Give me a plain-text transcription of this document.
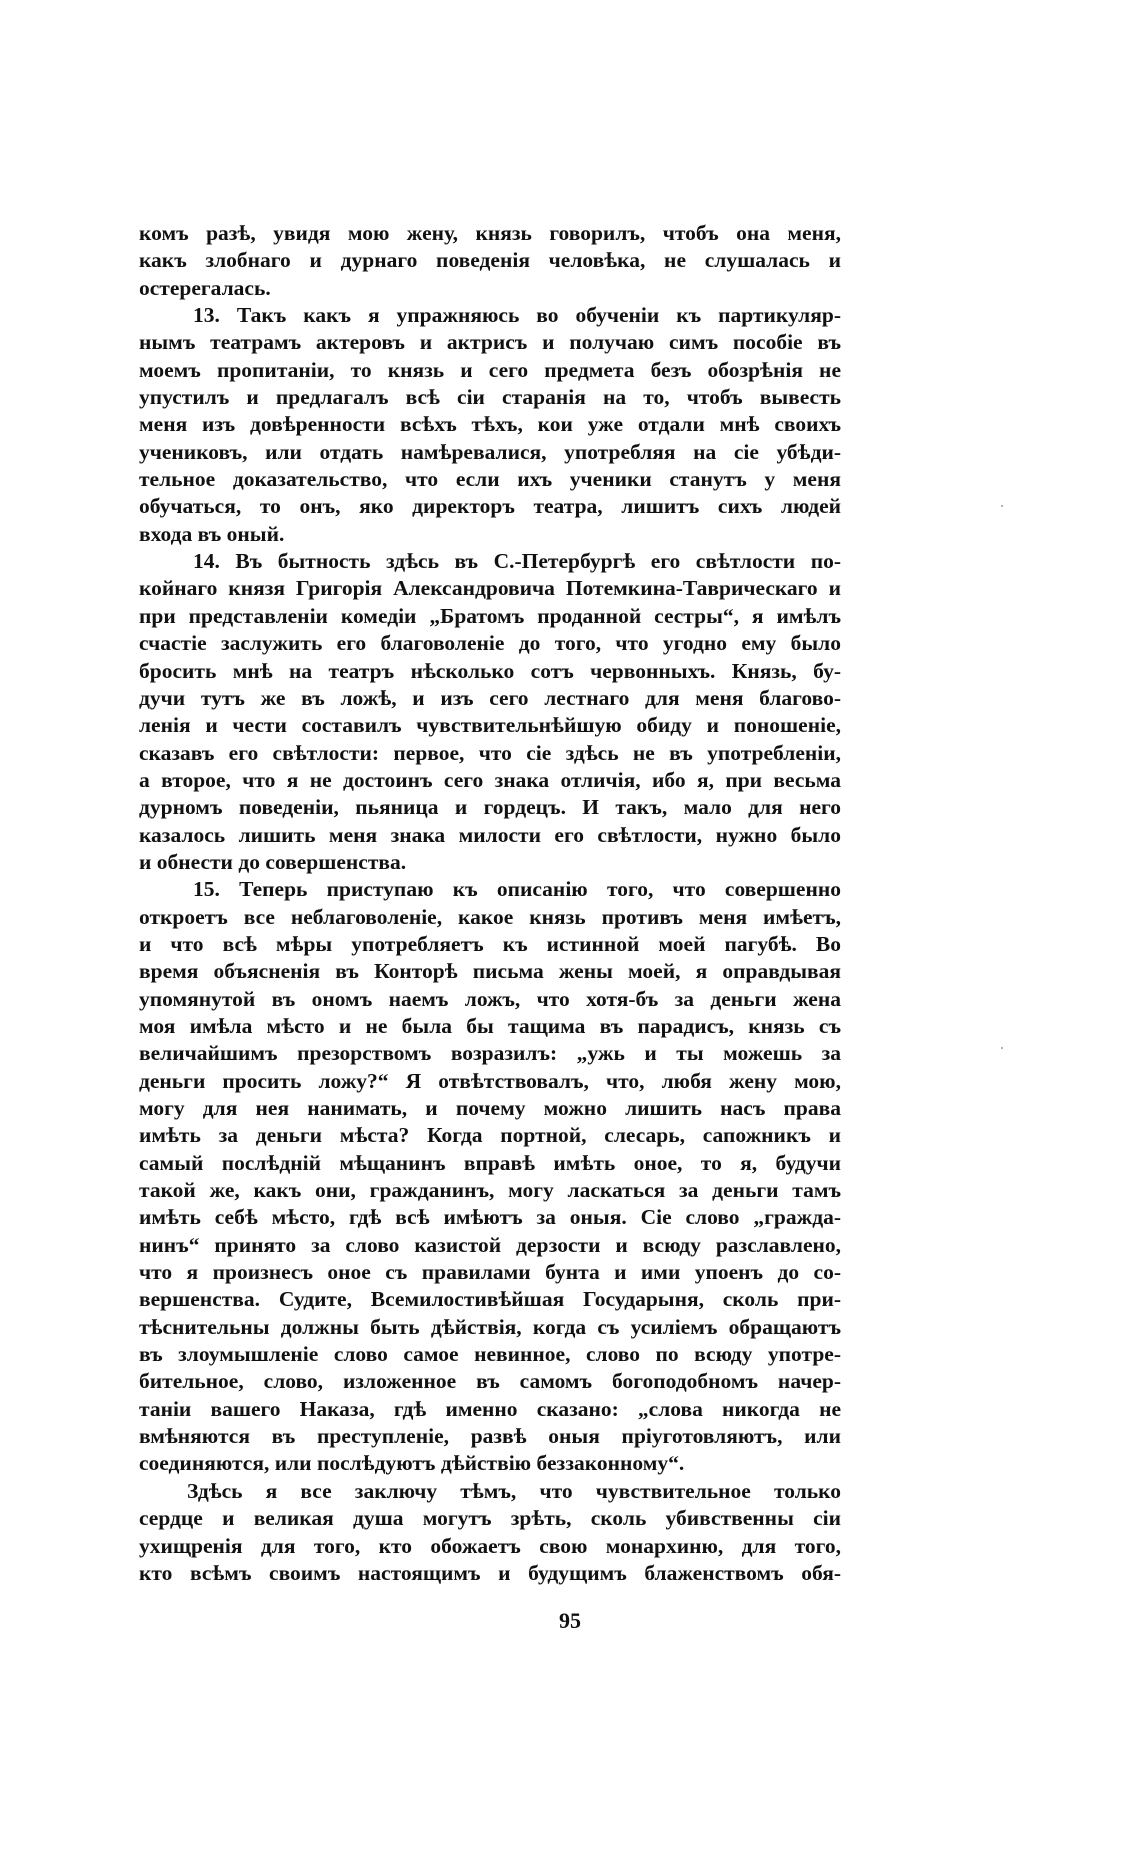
комъ разѣ, увидя мою жену, князь говорилъ, чтобъ она меня,
какъ злобнаго и дурнаго поведенія человѣка, не слушалась и
остерегалась.
13. Такъ какъ я упражняюсь во обученіи къ партикуляр-
нымъ театрамъ актеровъ и актрисъ и получаю симъ пособіе въ
моемъ пропитаніи, то князь и сего предмета безъ обозрѣнія не
упустилъ и предлагалъ всѣ сіи старанія на то, чтобъ вывесть
меня изъ довѣренности всѣхъ тѣхъ, кои уже отдали мнѣ своихъ
учениковъ, или отдать намѣревалися, употребляя на сіе убѣди-
тельное доказательство, что если ихъ ученики станутъ у меня
обучаться, то онъ, яко директоръ театра, лишитъ сихъ людей
входа въ оный.
14. Въ бытность здѣсь въ С.-Петербургѣ его свѣтлости по-
койнаго князя Григорія Александровича Потемкина-Таврическаго и
при представленіи комедіи „Братомъ проданной сестры“, я имѣлъ
счастіе заслужить его благоволеніе до того, что угодно ему было
бросить мнѣ на театръ нѣсколько сотъ червонныхъ. Князь, бу-
дучи тутъ же въ ложѣ, и изъ сего лестнаго для меня благово-
ленія и чести составилъ чувствительнѣйшую обиду и поношеніе,
сказавъ его свѣтлости: первое, что сіе здѣсь не въ употребленіи,
а второе, что я не достоинъ сего знака отличія, ибо я, при весьма
дурномъ поведеніи, пьяница и гордецъ. И такъ, мало для него
казалось лишить меня знака милости его свѣтлости, нужно было
и обнести до совершенства.
15. Теперь приступаю къ описанію того, что совершенно
откроетъ все неблаговоленіе, какое князь противъ меня имѣетъ,
и что всѣ мѣры употребляетъ къ истинной моей пагубѣ. Во
время объясненія въ Конторѣ письма жены моей, я оправдывая
упомянутой въ ономъ наемъ ложъ, что хотя-бъ за деньги жена
моя имѣла мѣсто и не была бы тащима въ парадисъ, князь съ
величайшимъ презорствомъ возразилъ: „ужь и ты можешь за
деньги просить ложу?“ Я отвѣтствовалъ, что, любя жену мою,
могу для нея нанимать, и почему можно лишить насъ права
имѣть за деньги мѣста? Когда портной, слесарь, сапожникъ и
самый послѣдній мѣщанинъ вправѣ имѣть оное, то я, будучи
такой же, какъ они, гражданинъ, могу ласкаться за деньги тамъ
имѣть себѣ мѣсто, гдѣ всѣ имѣютъ за оныя. Сіе слово „гражда-
нинъ“ принято за слово казистой дерзости и всюду разславлено,
что я произнесъ оное съ правилами бунта и ими упоенъ до со-
вершенства. Судите, Всемилостивѣйшая Государыня, сколь при-
тѣснительны должны быть дѣйствія, когда съ усиліемъ обращаютъ
въ злоумышленіе слово самое невинное, слово по всюду употре-
бительное, слово, изложенное въ самомъ богоподобномъ начер-
таніи вашего Наказа, гдѣ именно сказано: „слова никогда не
вмѣняются въ преступленіе, развѣ оныя пріуготовляютъ, или
соединяются, или послѣдуютъ дѣйствію беззаконному“.
Здѣсь я все заключу тѣмъ, что чувствительное только
сердце и великая душа могутъ зрѣть, сколь убивственны сіи
ухищренія для того, кто обожаетъ свою монархиню, для того,
кто всѣмъ своимъ настоящимъ и будущимъ блаженствомъ обя-
95
